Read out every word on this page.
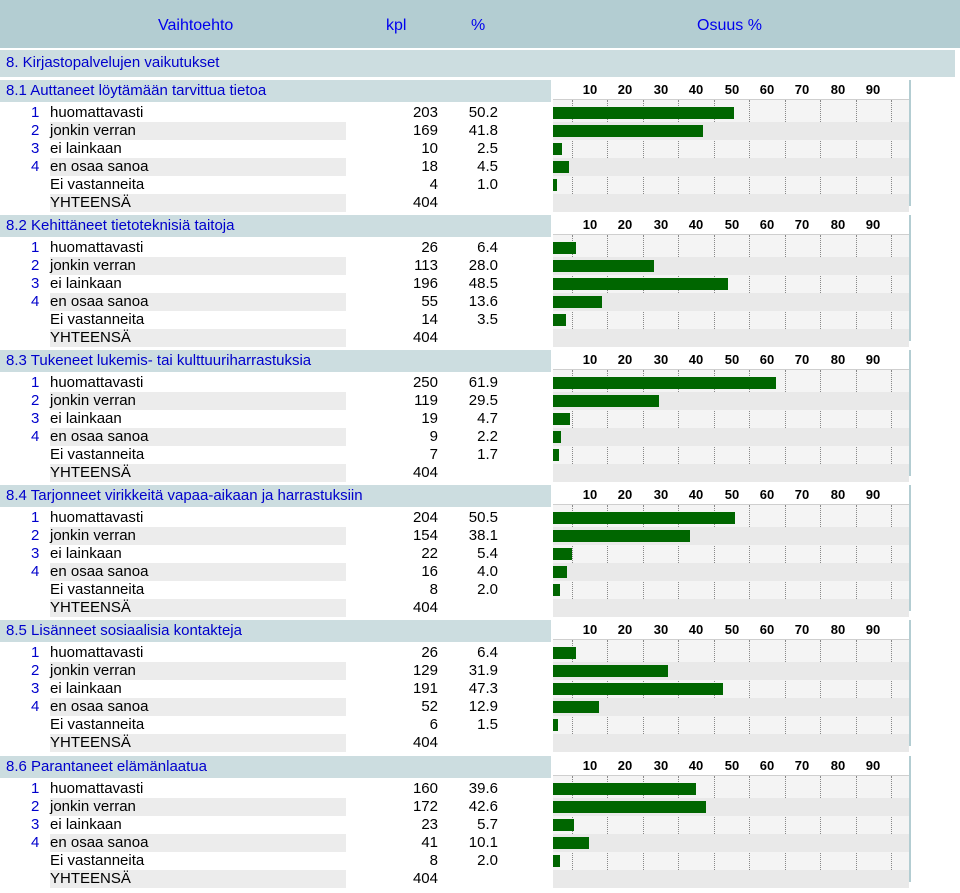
Vaihtoehto	kpl	%	Osuus %
8. Kirjastopalvelujen vaikutukset
8.1 Auttaneet löytämään tarvittua tietoa	10 20 30 40 50 60 70 80 90
1 huomattavasti	203	50.2
2 jonkin verran	169	41.8
3 ei lainkaan	10	2.5
4 en osaa sanoa	18	4.5
Ei vastanneita	4	1.0
YHTEENSÄ	404
8.2 Kehittäneet tietoteknisiä taitoja	10 20 30 40 50 60 70 80 90
1 huomattavasti	26	6.4
2 jonkin verran	113	28.0
3 ei lainkaan	196	48.5
4 en osaa sanoa	55	13.6
Ei vastanneita	14	3.5
YHTEENSÄ	404
8.3 Tukeneet lukemis- tai kulttuuriharrastuksia	10 20 30 40 50 60 70 80 90
1 huomattavasti	250	61.9
2 jonkin verran	119	29.5
3 ei lainkaan	19	4.7
4 en osaa sanoa	9	2.2
Ei vastanneita	7	1.7
YHTEENSÄ	404
8.4 Tarjonneet virikkeitä vapaa-aikaan ja harrastuksiin	10 20 30 40 50 60 70 80 90
1 huomattavasti	204	50.5
2 jonkin verran	154	38.1
3 ei lainkaan	22	5.4
4 en osaa sanoa	16	4.0
Ei vastanneita	8	2.0
YHTEENSÄ	404
8.5 Lisänneet sosiaalisia kontakteja	10 20 30 40 50 60 70 80 90
1 huomattavasti	26	6.4
2 jonkin verran	129	31.9
3 ei lainkaan	191	47.3
4 en osaa sanoa	52	12.9
Ei vastanneita	6	1.5
YHTEENSÄ	404
8.6 Parantaneet elämänlaatua	10 20 30 40 50 60 70 80 90
1 huomattavasti	160	39.6
2 jonkin verran	172	42.6
3 ei lainkaan	23	5.7
4 en osaa sanoa	41	10.1
Ei vastanneita	8	2.0
YHTEENSÄ	404
